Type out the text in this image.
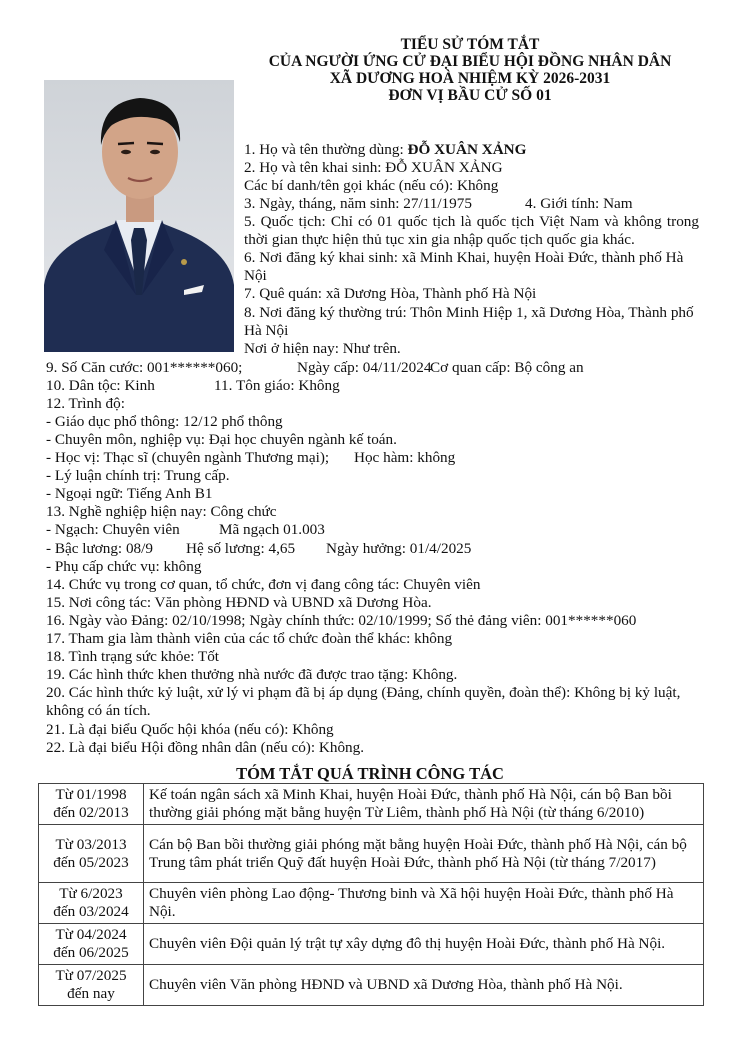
TIỂU SỬ TÓM TẮT
CỦA NGƯỜI ỨNG CỬ ĐẠI BIỂU HỘI ĐỒNG NHÂN DÂN
XÃ DƯƠNG HOÀ NHIỆM KỲ 2026-2031
ĐƠN VỊ BẦU CỬ SỐ 01
1. Họ và tên thường dùng: ĐỖ XUÂN XẢNG
2. Họ và tên khai sinh: ĐỖ XUÂN XẢNG
Các bí danh/tên gọi khác (nếu có): Không
3. Ngày, tháng, năm sinh: 27/11/1975	4. Giới tính: Nam
5. Quốc tịch: Chỉ có 01 quốc tịch là quốc tịch Việt Nam và không trong thời gian thực hiện thủ tục xin gia nhập quốc tịch quốc gia khác.
6. Nơi đăng ký khai sinh: xã Minh Khai, huyện Hoài Đức, thành phố Hà Nội
7. Quê quán: xã Dương Hòa, Thành phố Hà Nội
8. Nơi đăng ký thường trú: Thôn Minh Hiệp 1, xã Dương Hòa, Thành phố Hà Nội
Nơi ở hiện nay: Như trên.
9. Số Căn cước: 001******060;	Ngày cấp: 04/11/2024
Cơ quan cấp: Bộ công an
10. Dân tộc: Kinh	11. Tôn giáo: Không
12. Trình độ:
- Giáo dục phổ thông: 12/12 phổ thông
- Chuyên môn, nghiệp vụ: Đại học chuyên ngành kế toán.
- Học vị: Thạc sĩ (chuyên ngành Thương mại); Học hàm: không
- Lý luận chính trị: Trung cấp.
- Ngoại ngữ: Tiếng Anh B1
13. Nghề nghiệp hiện nay: Công chức
- Ngạch: Chuyên viên	Mã ngạch 01.003
- Bậc lương: 08/9 Hệ số lương: 4,65 Ngày hưởng: 01/4/2025
- Phụ cấp chức vụ: không
14. Chức vụ trong cơ quan, tổ chức, đơn vị đang công tác: Chuyên viên
15. Nơi công tác: Văn phòng HĐND và UBND xã Dương Hòa.
16. Ngày vào Đảng: 02/10/1998; Ngày chính thức: 02/10/1999; Số thẻ đảng viên: 001******060
17. Tham gia làm thành viên của các tổ chức đoàn thể khác: không
18. Tình trạng sức khỏe: Tốt
19. Các hình thức khen thưởng nhà nước đã được trao tặng: Không.
20. Các hình thức kỷ luật, xử lý vi phạm đã bị áp dụng (Đảng, chính quyền, đoàn thể): Không bị kỷ luật, không có án tích.
21. Là đại biểu Quốc hội khóa (nếu có): Không
22. Là đại biểu Hội đồng nhân dân (nếu có): Không.
TÓM TẮT QUÁ TRÌNH CÔNG TÁC
Từ 01/1998
đến 02/2013	Kế toán ngân sách xã Minh Khai, huyện Hoài Đức, thành phố Hà Nội, cán bộ Ban bồi thường giải phóng mặt bằng huyện Từ Liêm, thành phố Hà Nội (từ tháng 6/2010)

Từ 03/2013
đến 05/2023	Cán bộ Ban bồi thường giải phóng mặt bằng huyện Hoài Đức, thành phố Hà Nội, cán bộ Trung tâm phát triển Quỹ đất huyện Hoài Đức, thành phố Hà Nội (từ tháng 7/2017)

Từ 6/2023
đến 03/2024	Chuyên viên phòng Lao động- Thương binh và Xã hội huyện Hoài Đức, thành phố Hà Nội.

Từ 04/2024
đến 06/2025	Chuyên viên Đội quản lý trật tự xây dựng đô thị huyện Hoài Đức, thành phố Hà Nội.

Từ 07/2025
đến nay	Chuyên viên Văn phòng HĐND và UBND xã Dương Hòa, thành phố Hà Nội.
